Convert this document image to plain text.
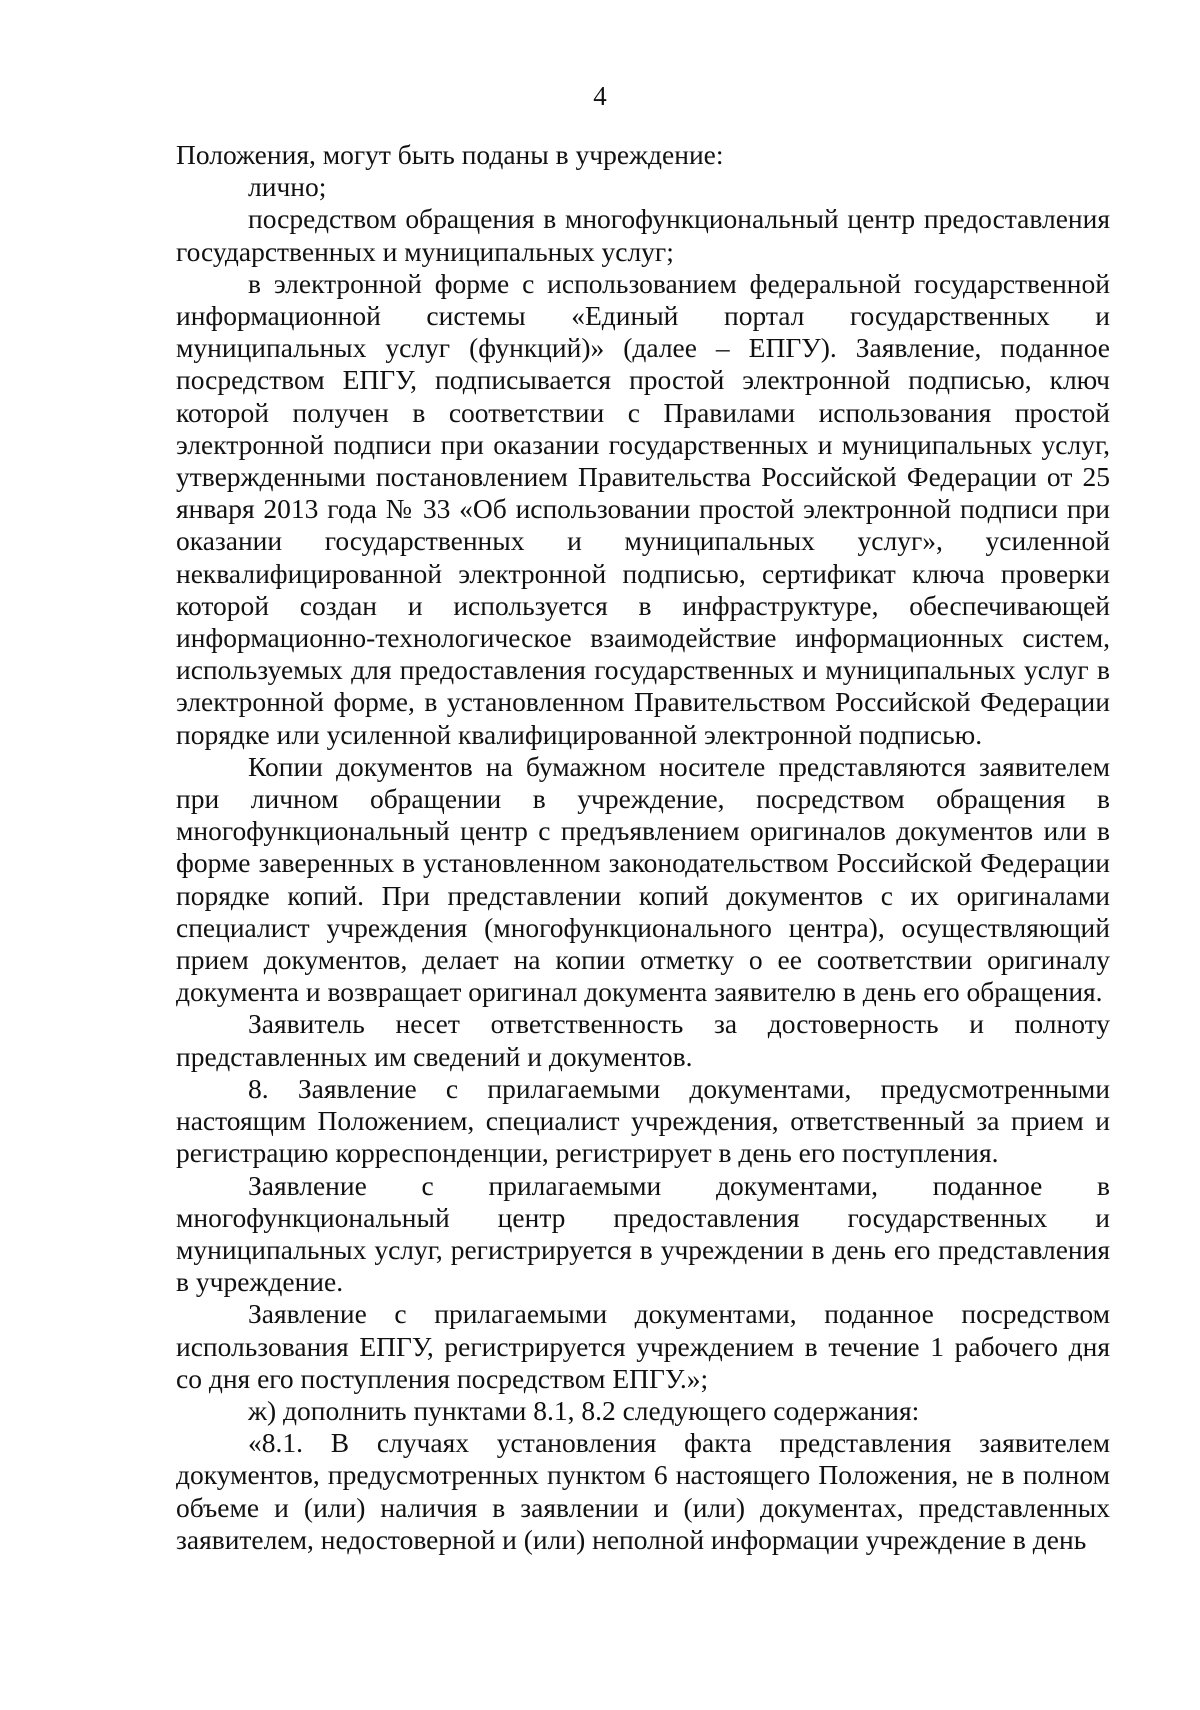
4

Положения, могут быть поданы в учреждение:

лично;

посредством обращения в многофункциональный центр предоставления государственных и муниципальных услуг;

в электронной форме с использованием федеральной государственной информационной системы «Единый портал государственных и муниципальных услуг (функций)» (далее – ЕПГУ). Заявление, поданное посредством ЕПГУ, подписывается простой электронной подписью, ключ которой получен в соответствии с Правилами использования простой электронной подписи при оказании государственных и муниципальных услуг, утвержденными постановлением Правительства Российской Федерации от 25 января 2013 года № 33 «Об использовании простой электронной подписи при оказании государственных и муниципальных услуг», усиленной неквалифицированной электронной подписью, сертификат ключа проверки которой создан и используется в инфраструктуре, обеспечивающей информационно-технологическое взаимодействие информационных систем, используемых для предоставления государственных и муниципальных услуг в электронной форме, в установленном Правительством Российской Федерации порядке или усиленной квалифицированной электронной подписью.

Копии документов на бумажном носителе представляются заявителем при личном обращении в учреждение, посредством обращения в многофункциональный центр с предъявлением оригиналов документов или в форме заверенных в установленном законодательством Российской Федерации порядке копий. При представлении копий документов с их оригиналами специалист учреждения (многофункционального центра), осуществляющий прием документов, делает на копии отметку о ее соответствии оригиналу документа и возвращает оригинал документа заявителю в день его обращения.

Заявитель несет ответственность за достоверность и полноту представленных им сведений и документов.

8. Заявление с прилагаемыми документами, предусмотренными настоящим Положением, специалист учреждения, ответственный за прием и регистрацию корреспонденции, регистрирует в день его поступления.

Заявление с прилагаемыми документами, поданное в многофункциональный центр предоставления государственных и муниципальных услуг, регистрируется в учреждении в день его представления в учреждение.

Заявление с прилагаемыми документами, поданное посредством использования ЕПГУ, регистрируется учреждением в течение 1 рабочего дня со дня его поступления посредством ЕПГУ.»;

ж) дополнить пунктами 8.1, 8.2 следующего содержания:

«8.1. В случаях установления факта представления заявителем документов, предусмотренных пунктом 6 настоящего Положения, не в полном объеме и (или) наличия в заявлении и (или) документах, представленных заявителем, недостоверной и (или) неполной информации учреждение в день
